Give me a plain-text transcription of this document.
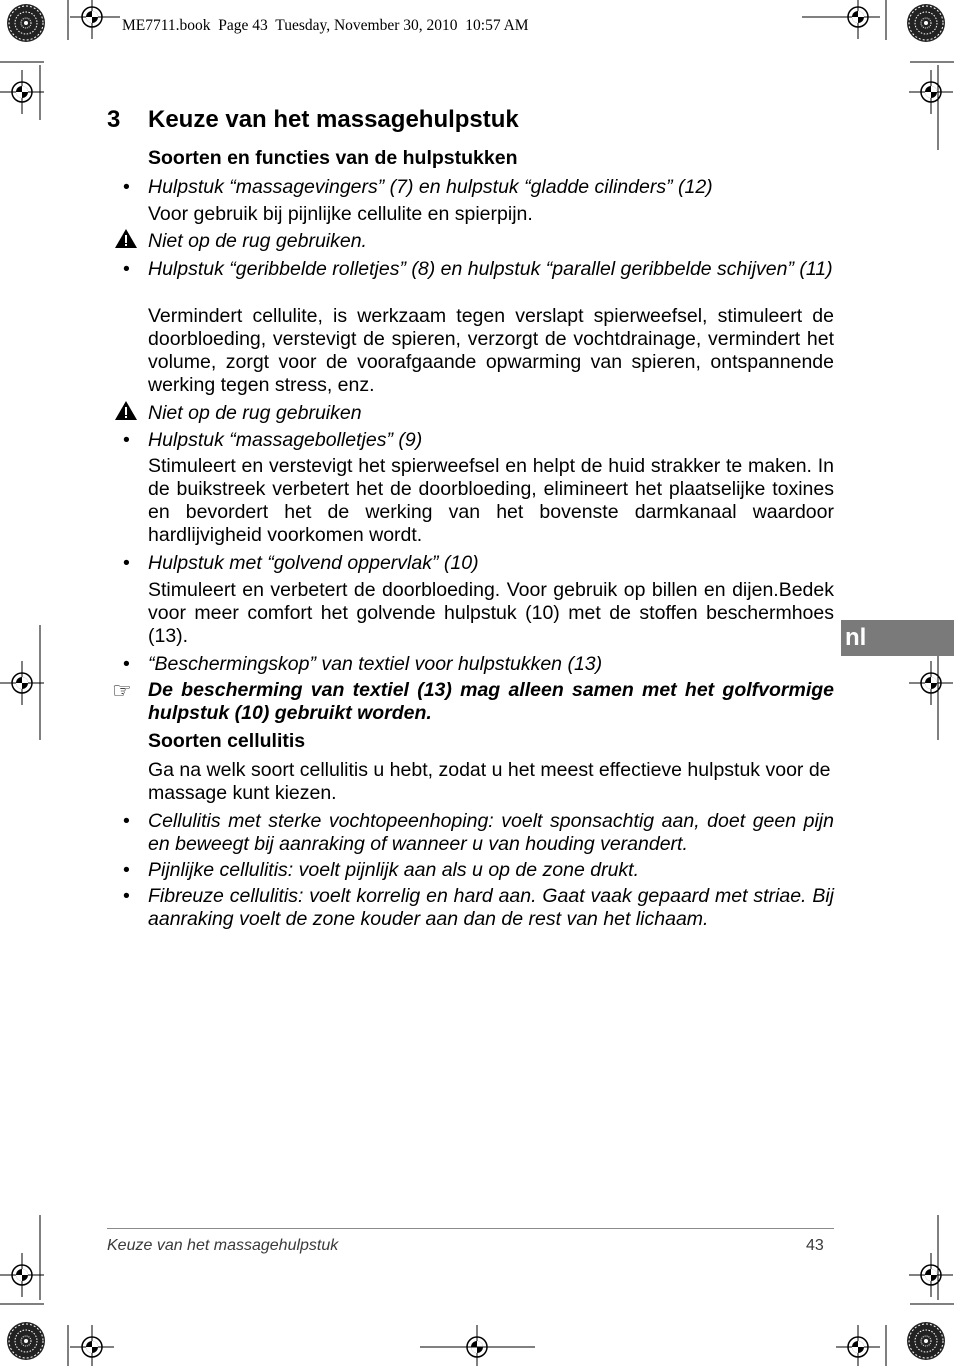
ME7711.book  Page 43  Tuesday, November 30, 2010  10:57 AM
3 Keuze van het massagehulpstuk
Soorten en functies van de hulpstukken
• Hulpstuk “massagevingers” (7) en hulpstuk “gladde cilinders” (12)
Voor gebruik bij pijnlijke cellulite en spierpijn.
Niet op de rug gebruiken.
• Hulpstuk “geribbelde rolletjes” (8) en hulpstuk “parallel geribbelde schijven” (11)
Vermindert cellulite, is werkzaam tegen verslapt spierweefsel, stimuleert de doorbloeding, verstevigt de spieren, verzorgt de vochtdrainage, vermindert het volume, zorgt voor de voorafgaande opwarming van spieren, ontspannende werking tegen stress, enz.
Niet op de rug gebruiken
• Hulpstuk “massagebolletjes” (9)
Stimuleert en verstevigt het spierweefsel en helpt de huid strakker te maken. In de buikstreek verbetert het de doorbloeding, elimineert het plaatselijke toxines en bevordert het de werking van het bovenste darmkanaal waardoor hardlijvigheid voorkomen wordt.
• Hulpstuk met “golvend oppervlak” (10)
Stimuleert en verbetert de doorbloeding. Voor gebruik op billen en dijen.Bedek voor meer comfort het golvende hulpstuk (10) met de stoffen beschermhoes (13).
• “Beschermingskop” van textiel voor hulpstukken (13)
☞ De bescherming van textiel (13) mag alleen samen met het golfvormige hulpstuk (10) gebruikt worden.
Soorten cellulitis
Ga na welk soort cellulitis u hebt, zodat u het meest effectieve hulpstuk voor de massage kunt kiezen.
• Cellulitis met sterke vochtopeenhoping: voelt sponsachtig aan, doet geen pijn en beweegt bij aanraking of wanneer u van houding verandert.
• Pijnlijke cellulitis: voelt pijnlijk aan als u op de zone drukt.
• Fibreuze cellulitis: voelt korrelig en hard aan. Gaat vaak gepaard met striae. Bij aanraking voelt de zone kouder aan dan de rest van het lichaam.
nl
Keuze van het massagehulpstuk	43
